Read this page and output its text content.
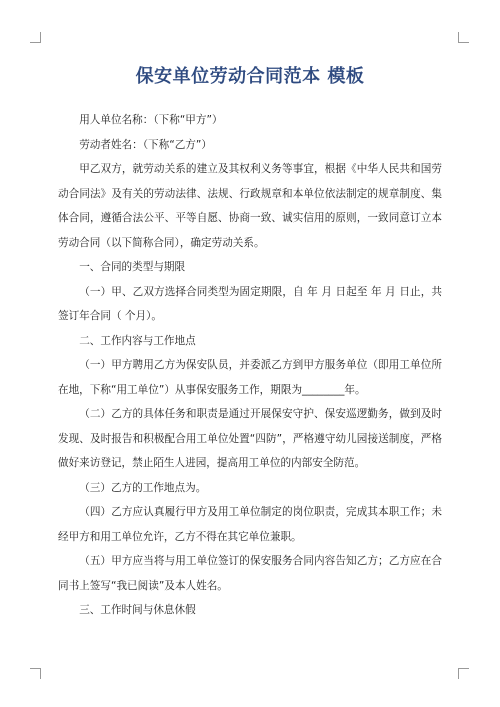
保安单位劳动合同范本 模板

用人单位名称：（下称“甲方”）

劳动者姓名：（下称“乙方”）

甲乙双方，就劳动关系的建立及其权利义务等事宜，根据《中华人民共和国劳动合同法》及有关的劳动法律、法规、行政规章和本单位依法制定的规章制度、集体合同，遵循合法公平、平等自愿、协商一致、诚实信用的原则，一致同意订立本劳动合同（以下简称合同），确定劳动关系。

一、合同的类型与期限

（一）甲、乙双方选择合同类型为固定期限，自 年 月 日起至 年 月 日止，共签订年合同（ 个月）。

二、工作内容与工作地点

（一）甲方聘用乙方为保安队员，并委派乙方到甲方服务单位（即用工单位所在地，下称“用工单位”）从事保安服务工作，期限为________年。

（二）乙方的具体任务和职责是通过开展保安守护、保安巡逻勤务，做到及时发现、及时报告和积极配合用工单位处置“四防”，严格遵守幼儿园接送制度，严格做好来访登记，禁止陌生人进园，提高用工单位的内部安全防范。

（三）乙方的工作地点为。

（四）乙方应认真履行甲方及用工单位制定的岗位职责，完成其本职工作；未经甲方和用工单位允许，乙方不得在其它单位兼职。

（五）甲方应当将与用工单位签订的保安服务合同内容告知乙方；乙方应在合同书上签写“我已阅读”及本人姓名。

三、工作时间与休息休假
